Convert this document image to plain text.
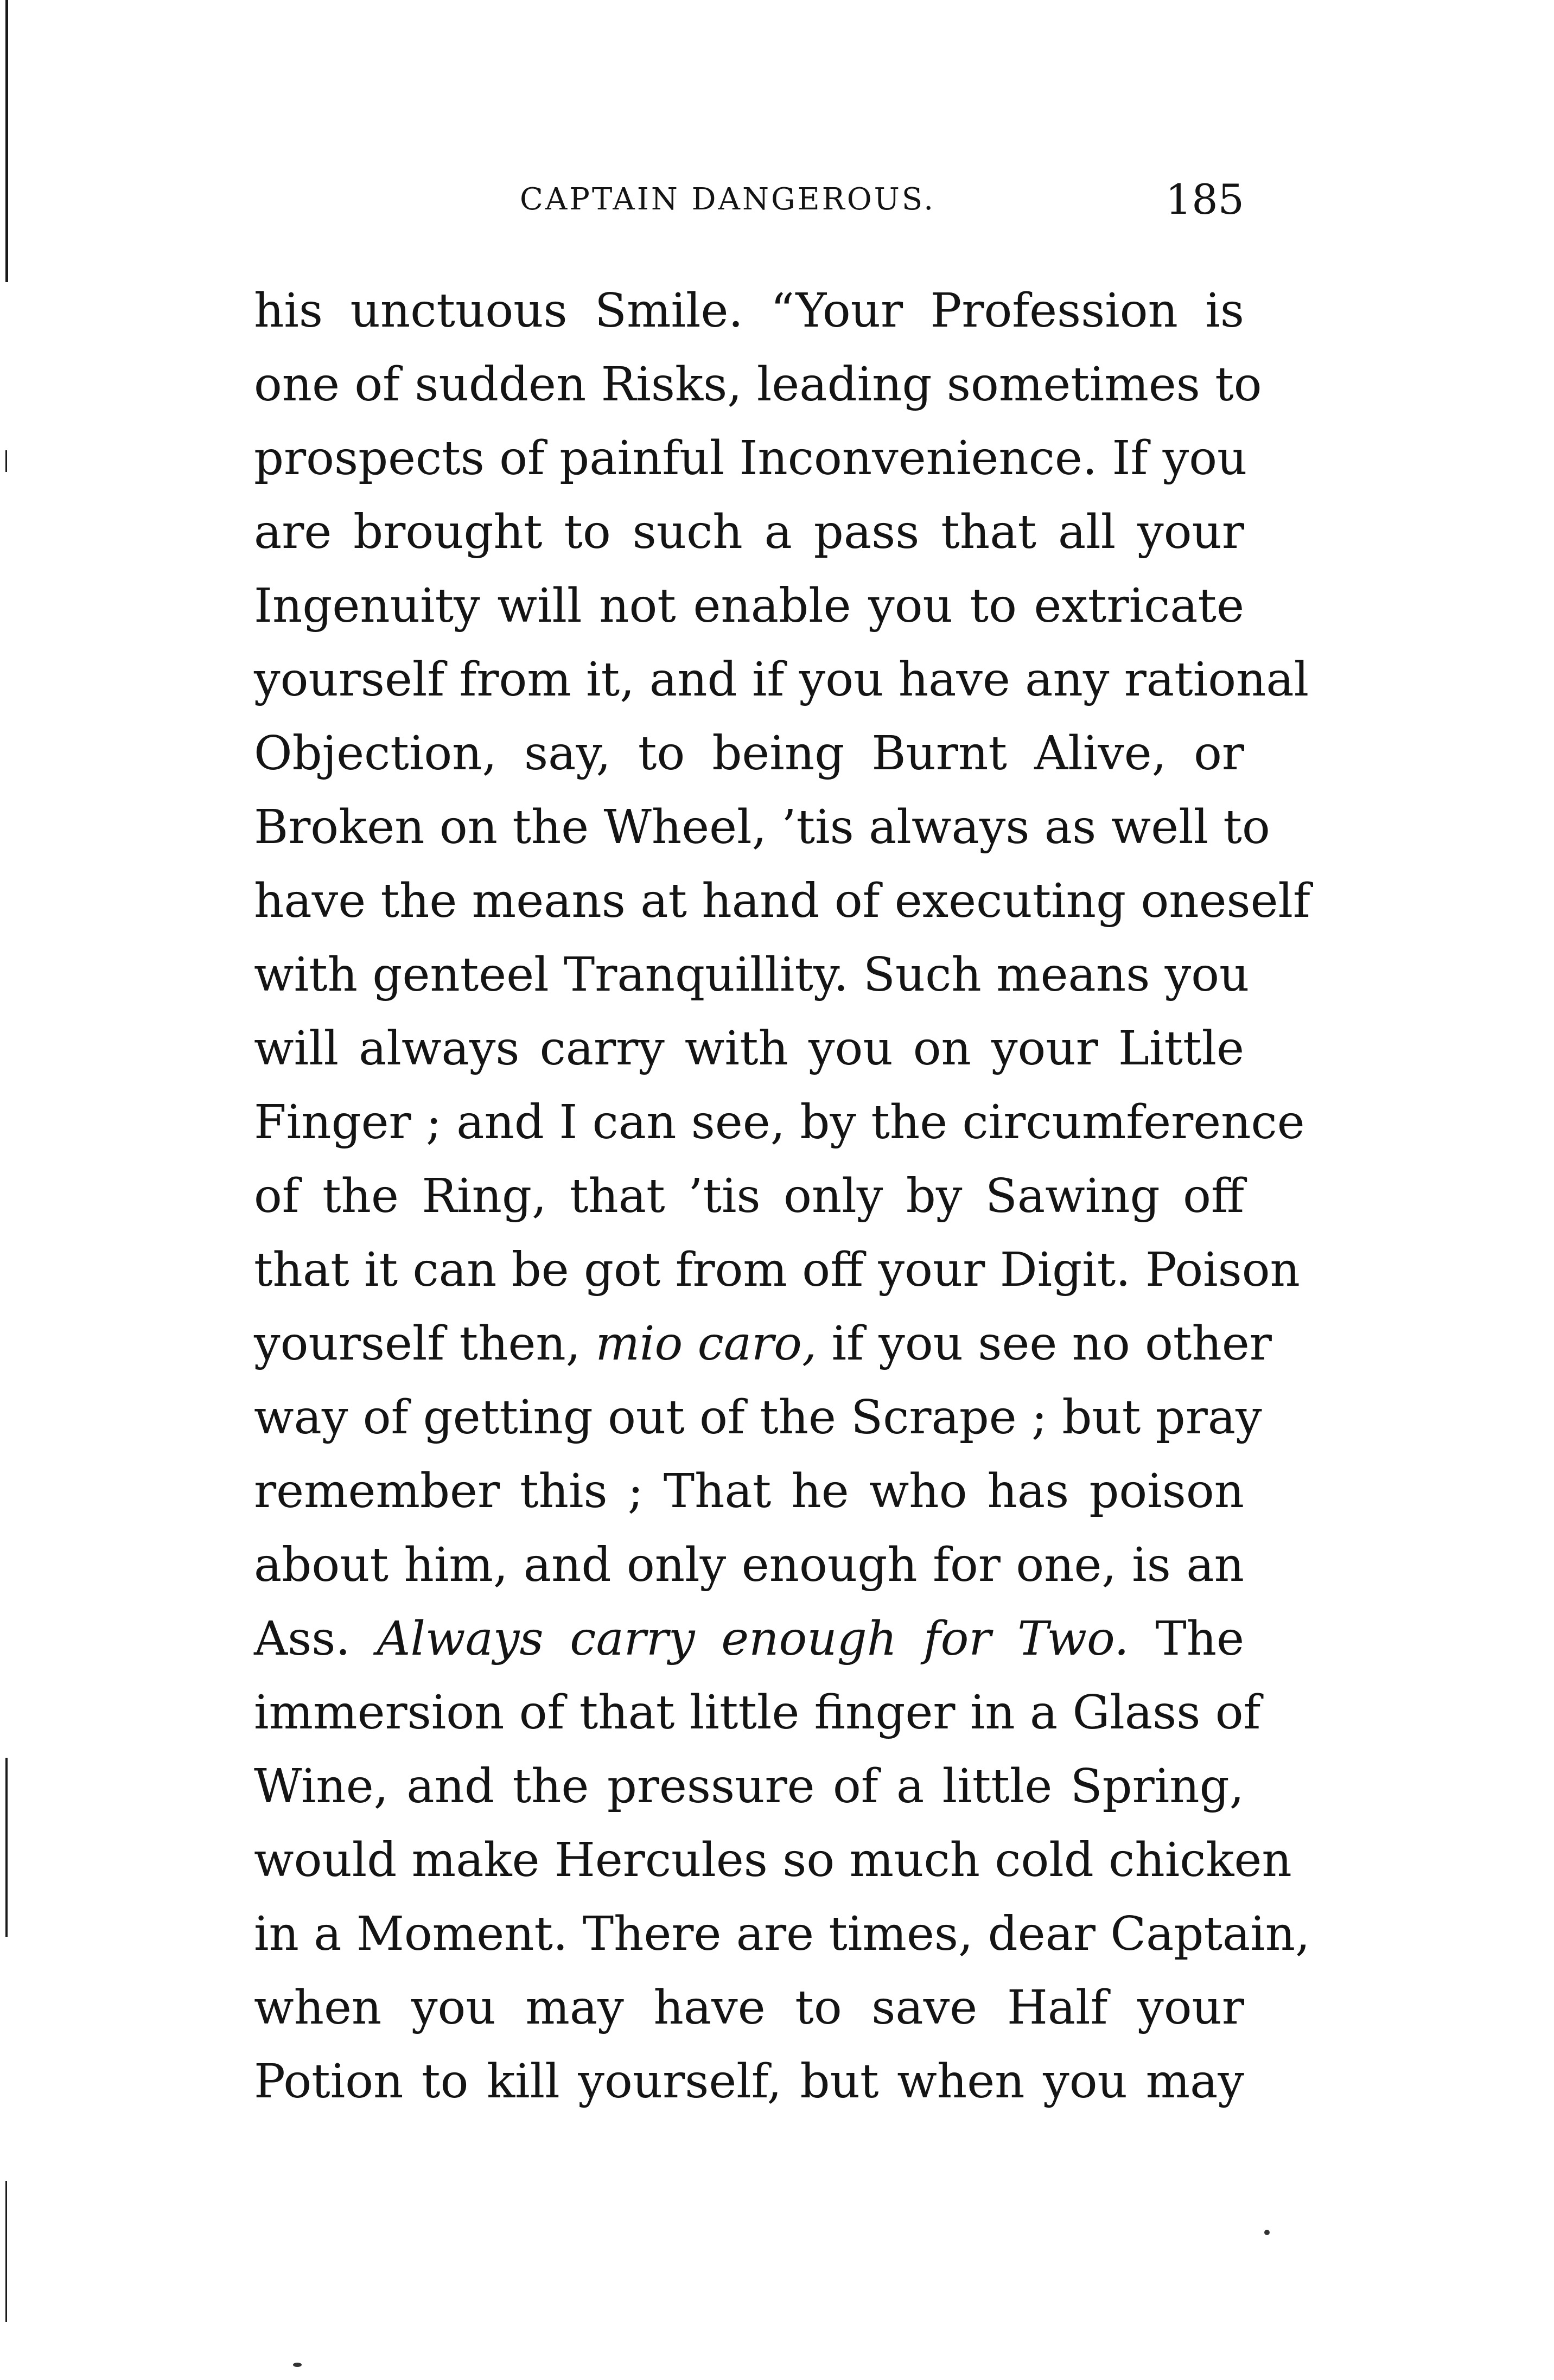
CAPTAIN DANGEROUS.	185
his unctuous Smile. “Your Profession is
one of sudden Risks, leading sometimes to
prospects of painful Inconvenience. If you
are brought to such a pass that all your
Ingenuity will not enable you to extricate
yourself from it, and if you have any rational
Objection, say, to being Burnt Alive, or
Broken on the Wheel, ’tis always as well to
have the means at hand of executing oneself
with genteel Tranquillity. Such means you
will always carry with you on your Little
Finger ; and I can see, by the circumference
of the Ring, that ’tis only by Sawing off
that it can be got from off your Digit. Poison
yourself then, mio caro, if you see no other
way of getting out of the Scrape ; but pray
remember this ; That he who has poison
about him, and only enough for one, is an
Ass. Always carry enough for Two. The
immersion of that little finger in a Glass of
Wine, and the pressure of a little Spring,
would make Hercules so much cold chicken
in a Moment. There are times, dear Captain,
when you may have to save Half your
Potion to kill yourself, but when you may
